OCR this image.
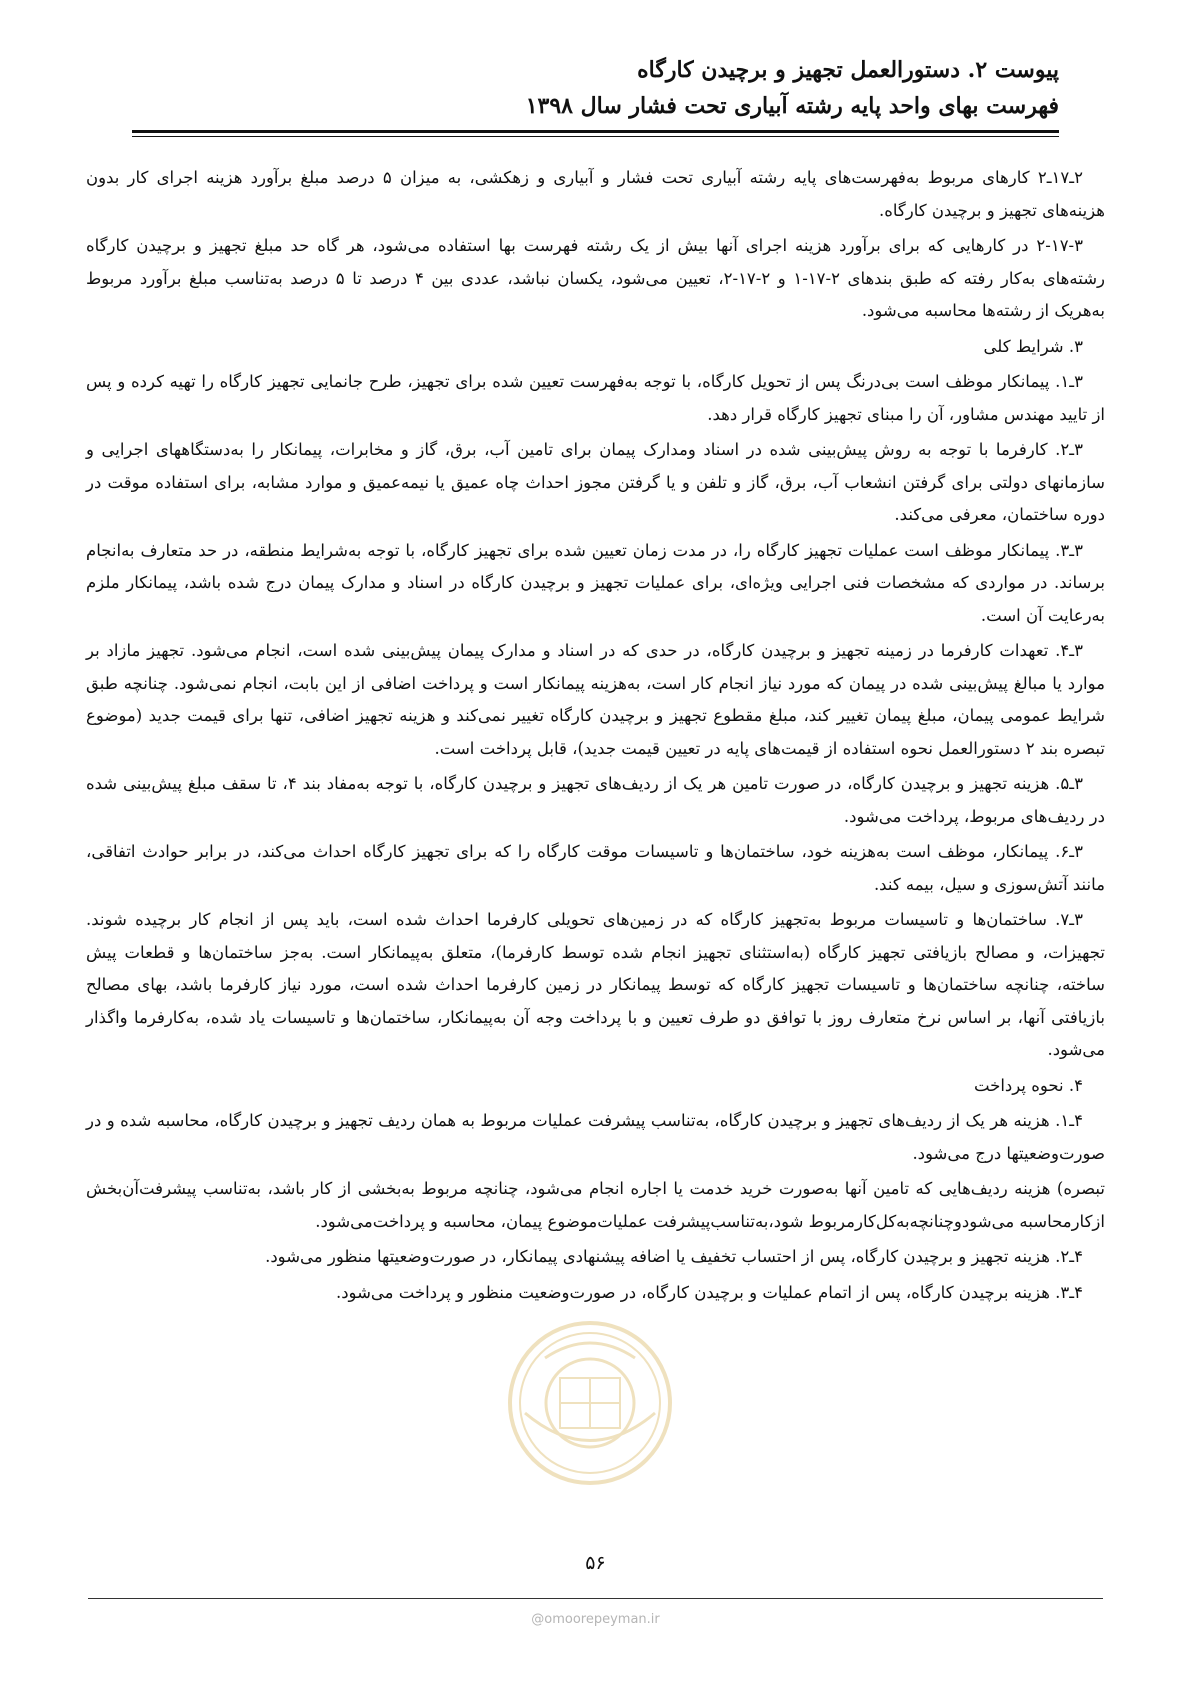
پیوست ۲. دستورالعمل تجهیز و برچیدن کارگاه
فهرست بهای واحد پایه رشته آبیاری تحت فشار سال ۱۳۹۸

۲ـ۱۷ـ۲ کارهای مربوط به‌فهرست‌های پایه رشته آبیاری تحت فشار و آبیاری و زهکشی، به میزان ۵ درصد مبلغ برآورد هزینه اجرای کار بدون هزینه‌های تجهیز و برچیدن کارگاه.

۲-۱۷-۳ در کارهایی که برای برآورد هزینه اجرای آنها بیش از یک رشته فهرست بها استفاده می‌شود، هر گاه حد مبلغ تجهیز و برچیدن کارگاه رشته‌های به‌کار رفته که طبق بندهای ۲-۱۷-۱ و ۲-۱۷-۲، تعیین می‌شود، یکسان نباشد، عددی بین ۴ درصد تا ۵ درصد به‌تناسب مبلغ برآورد مربوط به‌هریک از رشته‌ها محاسبه می‌شود.

۳. شرایط کلی

۳ـ۱. پیمانکار موظف است بی‌درنگ پس از تحویل کارگاه، با توجه به‌فهرست تعیین شده برای تجهیز، طرح جانمایی تجهیز کارگاه را تهیه کرده و پس از تایید مهندس مشاور، آن را مبنای تجهیز کارگاه قرار دهد.

۳ـ۲. کارفرما با توجه به روش پیش‌بینی شده در اسناد ومدارک پیمان برای تامین آب، برق، گاز و مخابرات، پیمانکار را به‌دستگاههای اجرایی و سازمانهای دولتی برای گرفتن انشعاب آب، برق، گاز و تلفن و یا گرفتن مجوز احداث چاه عمیق یا نیمه‌عمیق و موارد مشابه، برای استفاده موقت در دوره ساختمان، معرفی می‌کند.

۳ـ۳. پیمانکار موظف است عملیات تجهیز کارگاه را، در مدت زمان تعیین شده برای تجهیز کارگاه، با توجه به‌شرایط منطقه، در حد متعارف به‌انجام برساند. در مواردی که مشخصات فنی اجرایی ویژه‌ای، برای عملیات تجهیز و برچیدن کارگاه در اسناد و مدارک پیمان درج شده باشد، پیمانکار ملزم به‌رعایت آن است.

۳ـ۴. تعهدات کارفرما در زمینه تجهیز و برچیدن کارگاه، در حدی که در اسناد و مدارک پیمان پیش‌بینی شده است، انجام می‌شود. تجهیز مازاد بر موارد یا مبالغ پیش‌بینی شده در پیمان که مورد نیاز انجام کار است، به‌هزینه پیمانکار است و پرداخت اضافی از این بابت، انجام نمی‌شود. چنانچه طبق شرایط عمومی پیمان، مبلغ پیمان تغییر کند، مبلغ مقطوع تجهیز و برچیدن کارگاه تغییر نمی‌کند و هزینه تجهیز اضافی، تنها برای قیمت جدید (موضوع تبصره بند ۲ دستورالعمل نحوه استفاده از قیمت‌های پایه در تعیین قیمت جدید)، قابل پرداخت است.

۳ـ۵. هزینه تجهیز و برچیدن کارگاه، در صورت تامین هر یک از ردیف‌های تجهیز و برچیدن کارگاه، با توجه به‌مفاد بند ۴، تا سقف مبلغ پیش‌بینی شده در ردیف‌های مربوط، پرداخت می‌شود.

۳ـ۶. پیمانکار، موظف است به‌هزینه خود، ساختمان‌ها و تاسیسات موقت کارگاه را که برای تجهیز کارگاه احداث می‌کند، در برابر حوادث اتفاقی، مانند آتش‌سوزی و سیل، بیمه کند.

۳ـ۷. ساختمان‌ها و تاسیسات مربوط به‌تجهیز کارگاه که در زمین‌های تحویلی کارفرما احداث شده است، باید پس از انجام کار برچیده شوند. تجهیزات، و مصالح بازیافتی تجهیز کارگاه (به‌استثنای تجهیز انجام شده توسط کارفرما)، متعلق به‌پیمانکار است. به‌جز ساختمان‌ها و قطعات پیش ساخته، چنانچه ساختمان‌ها و تاسیسات تجهیز کارگاه که توسط پیمانکار در زمین کارفرما احداث شده است، مورد نیاز کارفرما باشد، بهای مصالح بازیافتی آنها، بر اساس نرخ متعارف روز با توافق دو طرف تعیین و با پرداخت وجه آن به‌پیمانکار، ساختمان‌ها و تاسیسات یاد شده، به‌کارفرما واگذار می‌شود.

۴. نحوه پرداخت

۴ـ۱. هزینه هر یک از ردیف‌های تجهیز و برچیدن کارگاه، به‌تناسب پیشرفت عملیات مربوط به همان ردیف تجهیز و برچیدن کارگاه، محاسبه شده و در صورت‌وضعیتها درج می‌شود.

تبصره) هزینه ردیف‌هایی که تامین آنها به‌صورت خرید خدمت یا اجاره انجام می‌شود، چنانچه مربوط به‌بخشی از کار باشد، به‌تناسب پیشرفت‌آن‌بخش ازکارمحاسبه می‌شودوچنانچه‌به‌کل‌کارمربوط شود،به‌تناسب‌پیشرفت عملیات‌موضوع پیمان، محاسبه و پرداخت‌می‌شود.

۴ـ۲. هزینه تجهیز و برچیدن کارگاه، پس از احتساب تخفیف یا اضافه پیشنهادی پیمانکار، در صورت‌وضعیتها منظور می‌شود.

۴ـ۳. هزینه برچیدن کارگاه، پس از اتمام عملیات و برچیدن کارگاه، در صورت‌وضعیت منظور و پرداخت می‌شود.

۵۶
@omoorepeyman.ir
